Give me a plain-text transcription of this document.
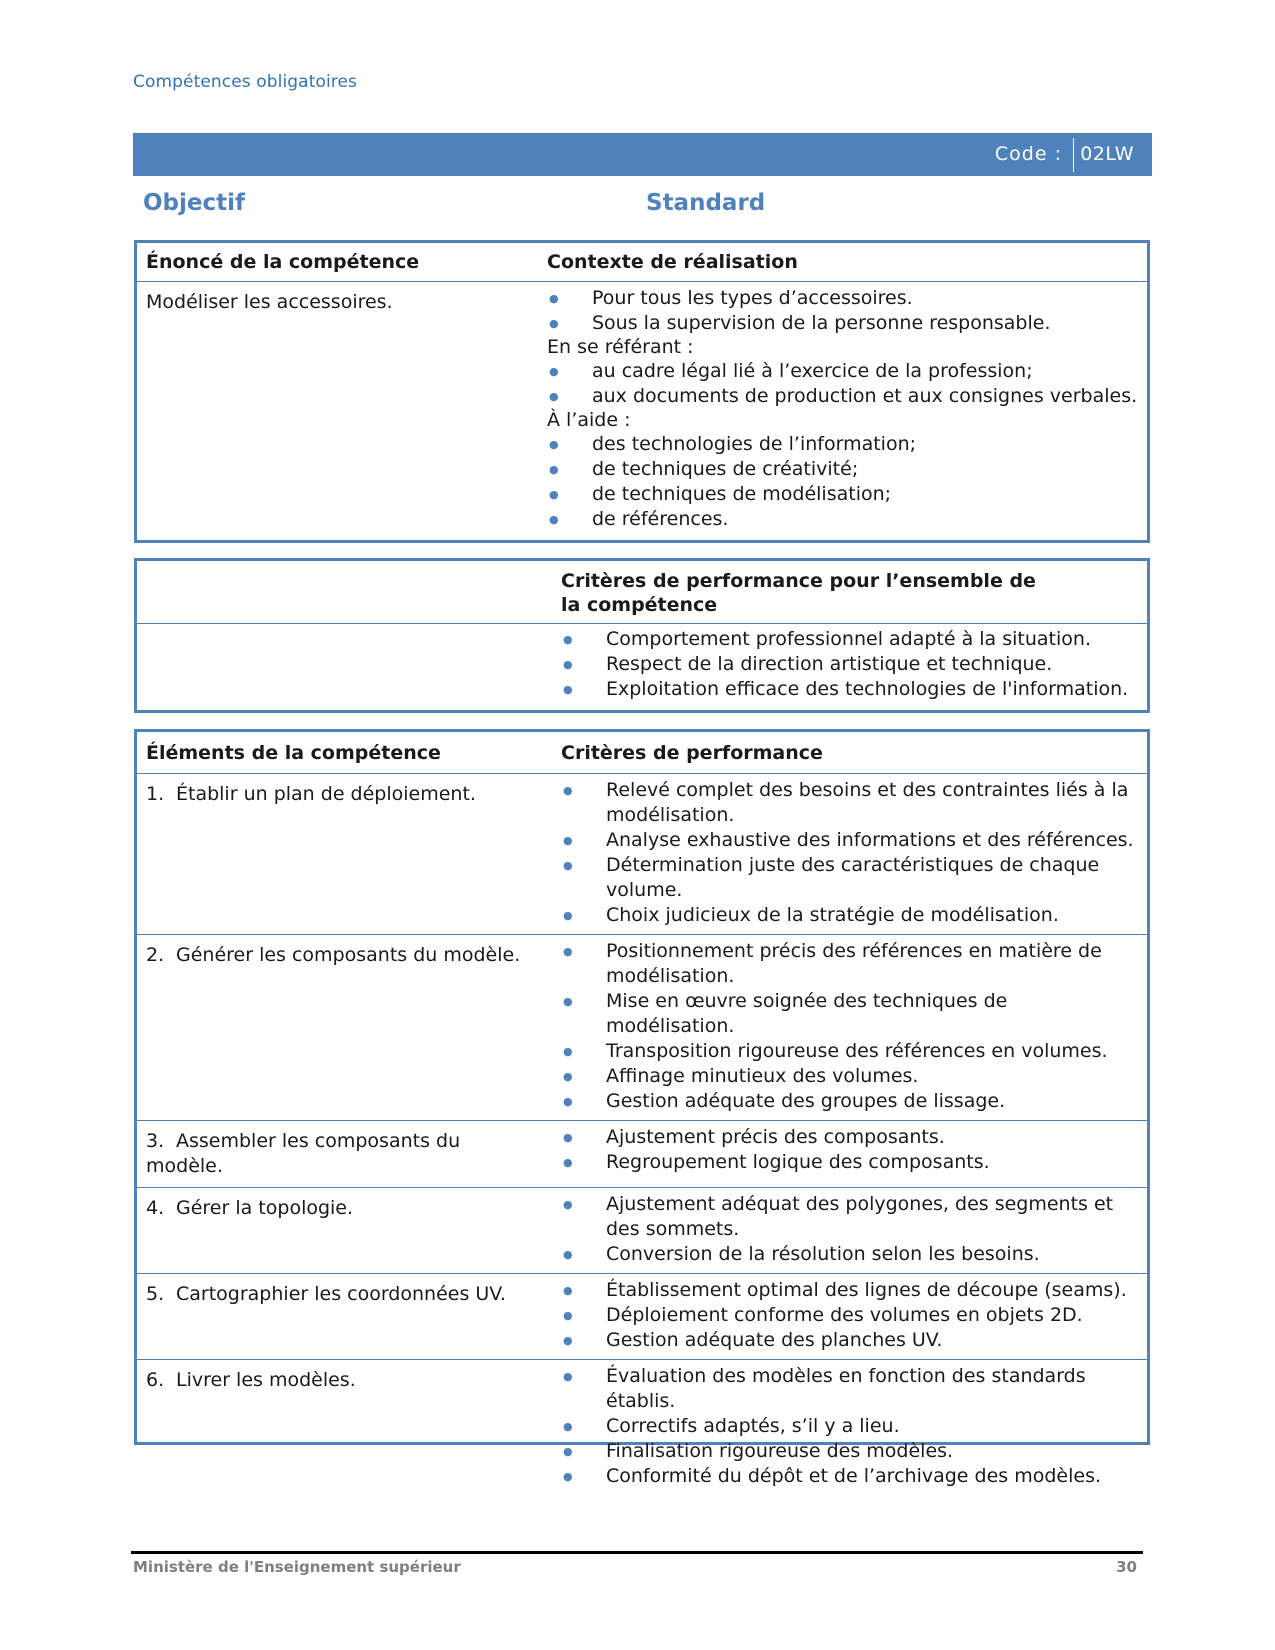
Compétences obligatoires
Code : 02LW
Objectif	Standard
Énoncé de la compétence	Contexte de réalisation
Modéliser les accessoires.	● Pour tous les types d’accessoires.
● Sous la supervision de la personne responsable.
En se référant :
● au cadre légal lié à l’exercice de la profession;
● aux documents de production et aux consignes verbales.
À l’aide :
● des technologies de l’information;
● de techniques de créativité;
● de techniques de modélisation;
● de références.
Critères de performance pour l’ensemble de la compétence
● Comportement professionnel adapté à la situation.
● Respect de la direction artistique et technique.
● Exploitation efficace des technologies de l'information.
Éléments de la compétence	Critères de performance
1. Établir un plan de déploiement.	● Relevé complet des besoins et des contraintes liés à la modélisation.
● Analyse exhaustive des informations et des références.
● Détermination juste des caractéristiques de chaque volume.
● Choix judicieux de la stratégie de modélisation.
2. Générer les composants du modèle.	● Positionnement précis des références en matière de modélisation.
● Mise en œuvre soignée des techniques de modélisation.
● Transposition rigoureuse des références en volumes.
● Affinage minutieux des volumes.
● Gestion adéquate des groupes de lissage.
3. Assembler les composants du modèle.
● Ajustement précis des composants.
● Regroupement logique des composants.
4. Gérer la topologie.	● Ajustement adéquat des polygones, des segments et des sommets.
● Conversion de la résolution selon les besoins.
5. Cartographier les coordonnées UV.	● Établissement optimal des lignes de découpe (seams).
● Déploiement conforme des volumes en objets 2D.
● Gestion adéquate des planches UV.
6. Livrer les modèles.	● Évaluation des modèles en fonction des standards établis.
● Correctifs adaptés, s’il y a lieu.
● Finalisation rigoureuse des modèles.
● Conformité du dépôt et de l’archivage des modèles.
Ministère de l'Enseignement supérieur	30
